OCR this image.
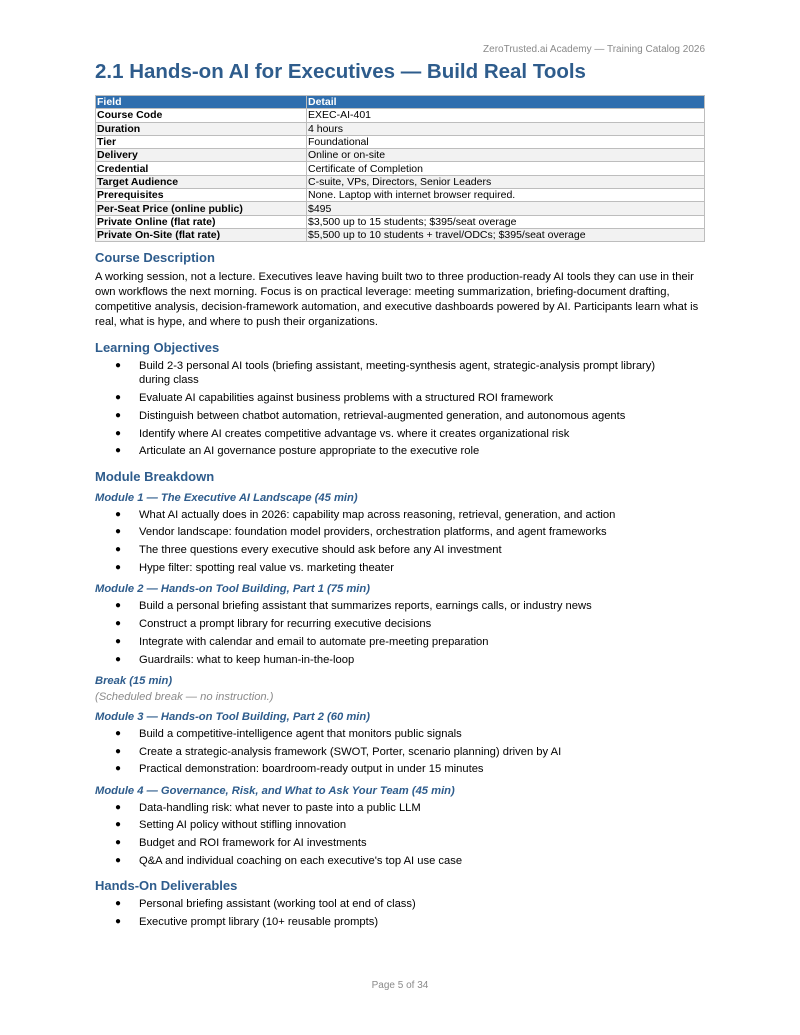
ZeroTrusted.ai Academy — Training Catalog 2026
2.1 Hands-on AI for Executives — Build Real Tools
Field	Detail
Course Code	EXEC-AI-401
Duration	4 hours
Tier	Foundational
Delivery	Online or on-site
Credential	Certificate of Completion
Target Audience	C-suite, VPs, Directors, Senior Leaders
Prerequisites	None. Laptop with internet browser required.
Per-Seat Price (online public)	$495
Private Online (flat rate)	$3,500 up to 15 students; $395/seat overage
Private On-Site (flat rate)	$5,500 up to 10 students + travel/ODCs; $395/seat overage
Course Description

A working session, not a lecture. Executives leave having built two to three production-ready AI tools they can use in their own workflows the next morning. Focus is on practical leverage: meeting summarization, briefing-document drafting, competitive analysis, decision-framework automation, and executive dashboards powered by AI. Participants learn what is real, what is hype, and where to push their organizations.

Learning Objectives
● Build 2-3 personal AI tools (briefing assistant, meeting-synthesis agent, strategic-analysis prompt library) during class
● Evaluate AI capabilities against business problems with a structured ROI framework
● Distinguish between chatbot automation, retrieval-augmented generation, and autonomous agents
● Identify where AI creates competitive advantage vs. where it creates organizational risk
● Articulate an AI governance posture appropriate to the executive role
Module Breakdown
Module 1 — The Executive AI Landscape (45 min)
● What AI actually does in 2026: capability map across reasoning, retrieval, generation, and action
● Vendor landscape: foundation model providers, orchestration platforms, and agent frameworks
● The three questions every executive should ask before any AI investment
● Hype filter: spotting real value vs. marketing theater
Module 2 — Hands-on Tool Building, Part 1 (75 min)
● Build a personal briefing assistant that summarizes reports, earnings calls, or industry news
● Construct a prompt library for recurring executive decisions
● Integrate with calendar and email to automate pre-meeting preparation
● Guardrails: what to keep human-in-the-loop
Break (15 min)

(Scheduled break — no instruction.)

Module 3 — Hands-on Tool Building, Part 2 (60 min)
● Build a competitive-intelligence agent that monitors public signals
● Create a strategic-analysis framework (SWOT, Porter, scenario planning) driven by AI
● Practical demonstration: boardroom-ready output in under 15 minutes
Module 4 — Governance, Risk, and What to Ask Your Team (45 min)
● Data-handling risk: what never to paste into a public LLM
● Setting AI policy without stifling innovation
● Budget and ROI framework for AI investments
● Q&A and individual coaching on each executive's top AI use case
Hands-On Deliverables
● Personal briefing assistant (working tool at end of class)
● Executive prompt library (10+ reusable prompts)
Page 5 of 34
